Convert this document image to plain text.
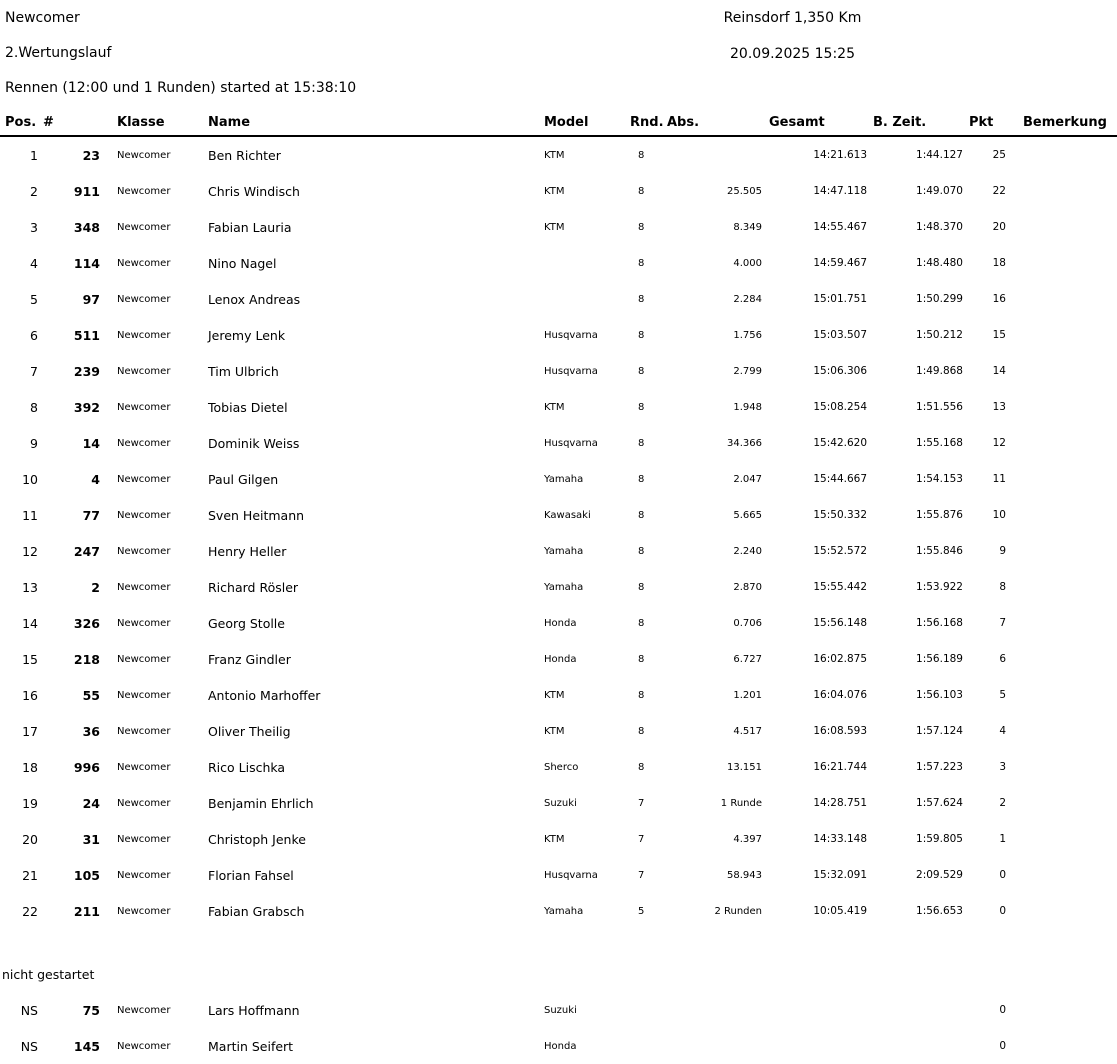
Newcomer
2.Wertungslauf
Rennen (12:00 und 1 Runden) started at 15:38:10
Reinsdorf 1,350 Km
20.09.2025 15:25
Pos.	#	Klasse	Name	Model	Rnd.	Abs.	Gesamt	B. Zeit.	Pkt	Bemerkung
1	23	Newcomer	Ben Richter	KTM	8		14:21.613	1:44.127	25	
2	911	Newcomer	Chris Windisch	KTM	8	25.505	14:47.118	1:49.070	22	
3	348	Newcomer	Fabian Lauria	KTM	8	8.349	14:55.467	1:48.370	20	
4	114	Newcomer	Nino Nagel		8	4.000	14:59.467	1:48.480	18	
5	97	Newcomer	Lenox Andreas		8	2.284	15:01.751	1:50.299	16	
6	511	Newcomer	Jeremy Lenk	Husqvarna	8	1.756	15:03.507	1:50.212	15	
7	239	Newcomer	Tim Ulbrich	Husqvarna	8	2.799	15:06.306	1:49.868	14	
8	392	Newcomer	Tobias Dietel	KTM	8	1.948	15:08.254	1:51.556	13	
9	14	Newcomer	Dominik Weiss	Husqvarna	8	34.366	15:42.620	1:55.168	12	
10	4	Newcomer	Paul Gilgen	Yamaha	8	2.047	15:44.667	1:54.153	11	
11	77	Newcomer	Sven Heitmann	Kawasaki	8	5.665	15:50.332	1:55.876	10	
12	247	Newcomer	Henry Heller	Yamaha	8	2.240	15:52.572	1:55.846	9	
13	2	Newcomer	Richard Rösler	Yamaha	8	2.870	15:55.442	1:53.922	8	
14	326	Newcomer	Georg Stolle	Honda	8	0.706	15:56.148	1:56.168	7	
15	218	Newcomer	Franz Gindler	Honda	8	6.727	16:02.875	1:56.189	6	
16	55	Newcomer	Antonio Marhoffer	KTM	8	1.201	16:04.076	1:56.103	5	
17	36	Newcomer	Oliver Theilig	KTM	8	4.517	16:08.593	1:57.124	4	
18	996	Newcomer	Rico Lischka	Sherco	8	13.151	16:21.744	1:57.223	3	
19	24	Newcomer	Benjamin Ehrlich	Suzuki	7	1 Runde	14:28.751	1:57.624	2	
20	31	Newcomer	Christoph Jenke	KTM	7	4.397	14:33.148	1:59.805	1	
21	105	Newcomer	Florian Fahsel	Husqvarna	7	58.943	15:32.091	2:09.529	0	
22	211	Newcomer	Fabian Grabsch	Yamaha	5	2 Runden	10:05.419	1:56.653	0	
nicht gestartet
NS	75	Newcomer	Lars Hoffmann	Suzuki					0	
NS	145	Newcomer	Martin Seifert	Honda					0	
